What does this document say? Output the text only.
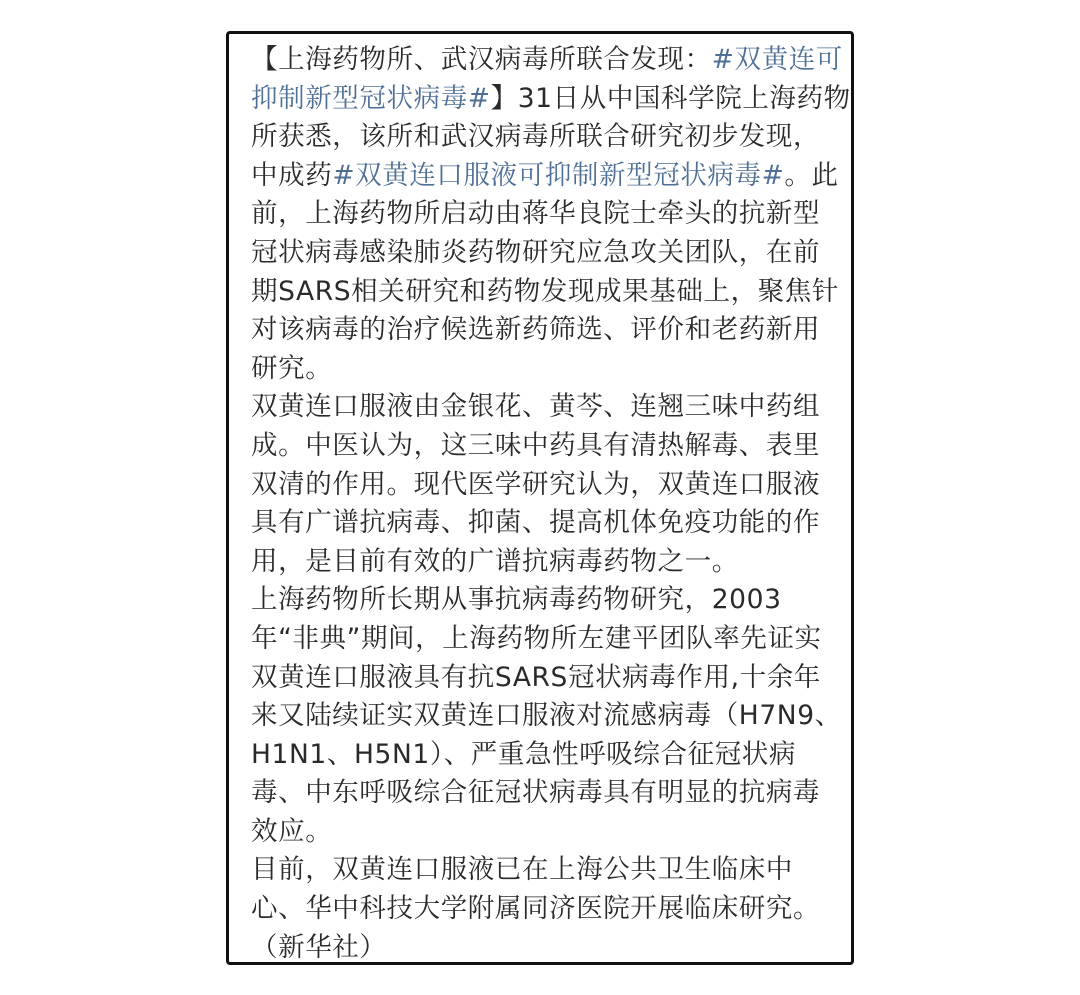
【上海药物所、武汉病毒所联合发现：#双黄连可
抑制新型冠状病毒#】31日从中国科学院上海药物
所获悉，该所和武汉病毒所联合研究初步发现，
中成药#双黄连口服液可抑制新型冠状病毒#。此
前，上海药物所启动由蒋华良院士牵头的抗新型
冠状病毒感染肺炎药物研究应急攻关团队，在前
期SARS相关研究和药物发现成果基础上，聚焦针
对该病毒的治疗候选新药筛选、评价和老药新用
研究。
双黄连口服液由金银花、黄芩、连翘三味中药组
成。中医认为，这三味中药具有清热解毒、表里
双清的作用。现代医学研究认为，双黄连口服液
具有广谱抗病毒、抑菌、提高机体免疫功能的作
用，是目前有效的广谱抗病毒药物之一。
上海药物所长期从事抗病毒药物研究，2003
年“非典”期间，上海药物所左建平团队率先证实
双黄连口服液具有抗SARS冠状病毒作用,十余年
来又陆续证实双黄连口服液对流感病毒（H7N9、
H1N1、H5N1）、严重急性呼吸综合征冠状病
毒、中东呼吸综合征冠状病毒具有明显的抗病毒
效应。
目前，双黄连口服液已在上海公共卫生临床中
心、华中科技大学附属同济医院开展临床研究。
（新华社）
